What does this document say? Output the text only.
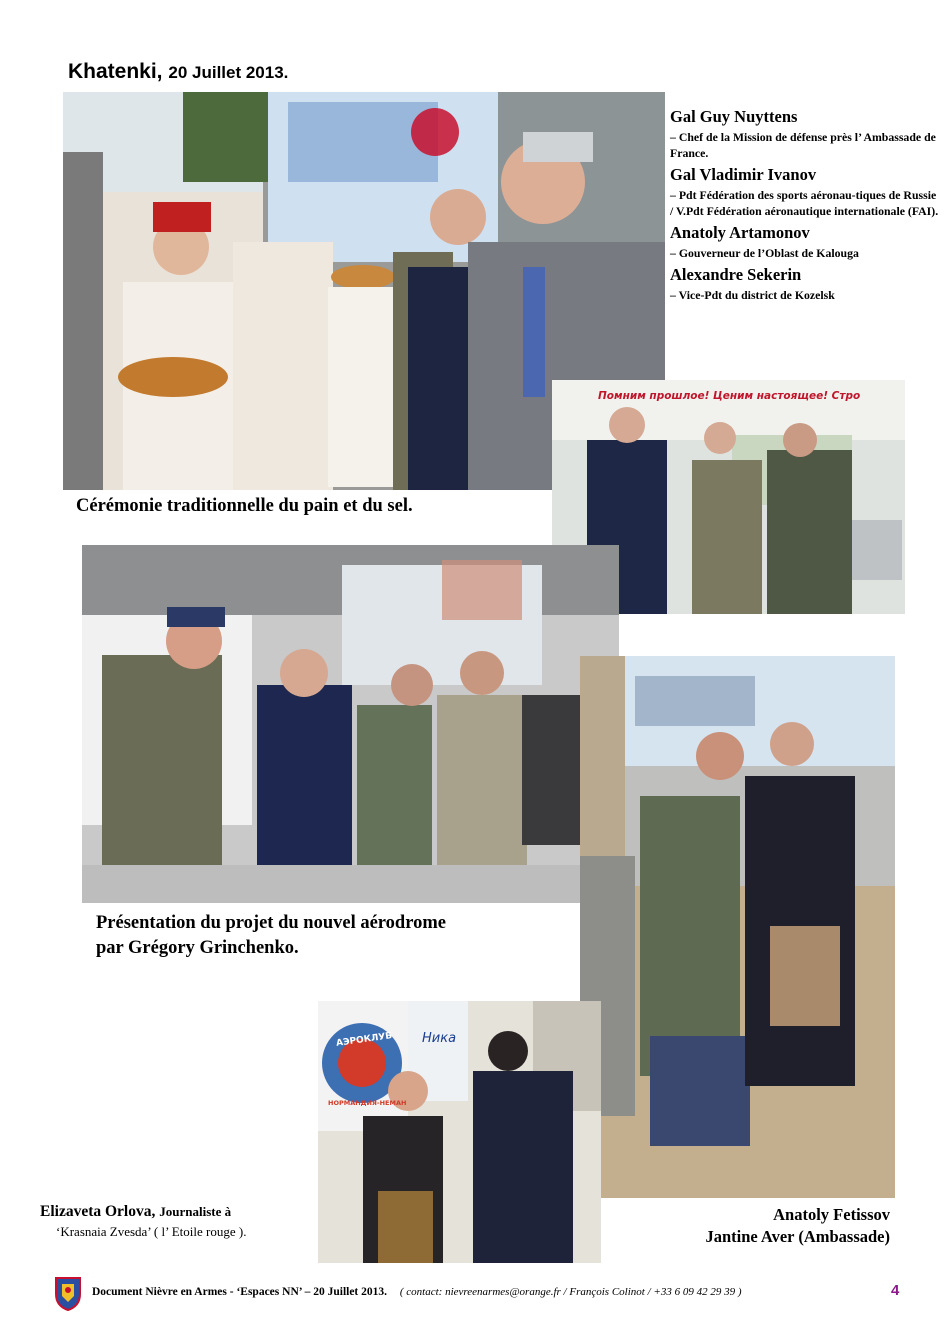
Khatenki, 20 Juillet 2013.

Gal Guy Nuyttens

– Chef de la Mission de défense près l’ Ambassade de France.

Gal Vladimir Ivanov

– Pdt Fédération des sports aéronau-tiques de Russie / V.Pdt Fédération aéronautique internationale (FAI).

Anatoly Artamonov

– Gouverneur de l’Oblast de Kalouga

Alexandre Sekerin

– Vice-Pdt du district de Kozelsk

Помним прошлое! Ценим настоящее! Стро
Cérémonie traditionnelle du pain et du sel.
Présentation du projet du nouvel aérodrome
par Grégory Grinchenko.
АЭРОКЛУБ
НОРМАНДИЯ-НЕМАН
Ника
Elizaveta Orlova, Journaliste à
‘Krasnaia Zvesda’ ( l’ Etoile rouge ).
Anatoly Fetissov
Jantine Aver (Ambassade)
Document Nièvre en Armes - ‘Espaces NN’ – 20 Juillet 2013. ( contact: nievreenarmes@orange.fr / François Colinot / +33 6 09 42 29 39 )	4
